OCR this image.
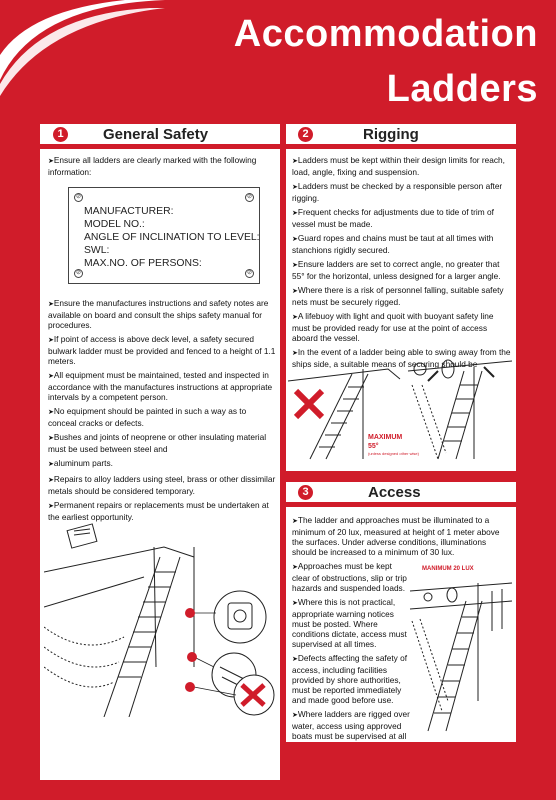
Accommodation
Ladders
1	General Safety

➤ Ensure all ladders are clearly marked with the following information:

⊘	⊘
⊘	⊘
MANUFACTURER:
MODEL NO.:
ANGLE OF INCLINATION TO LEVEL:
SWL:
MAX.NO. OF PERSONS:

➤ Ensure the manufactures instructions and safety notes are available on board and consult the ships safety manual for procedures.

➤ If point of access is above deck level, a safety secured bulwark ladder must be provided and fenced to a height of 1.1 meters.

➤ All equipment must be maintained, tested and inspected in accordance with the manufactures instructions at appropriate intervals by a competent person.

➤ No equipment should be painted in such a way as to conceal cracks or defects.

➤ Bushes and joints of neoprene or other insulating material must be used between steel and

➤ aluminum parts.

➤ Repairs to alloy ladders using steel, brass or other dissimilar metals should be considered temporary.

➤ Permanent repairs or replacements must be undertaken at the earliest opportunity.

2	Rigging

➤ Ladders must be kept within their design limits for reach, load, angle, fixing and suspension.

➤ Ladders must be checked by a responsible person after rigging.

➤ Frequent checks for adjustments due to tide of trim of vessel must be made.

➤ Guard ropes and chains must be taut at all times with stanchions rigidly secured.

➤ Ensure ladders are set to correct angle, no greater that 55° for the horizontal, unless designed for a larger angle.

➤ Where there is a risk of personnel falling, suitable safety nets must be securely rigged.

➤ A lifebuoy with light and quoit with buoyant safety line must be provided ready for use at the point of access aboard the vessel.

➤ In the event of a ladder being able to swing away from the ships side, a suitable means of securing should be

MAXIMUM
55°
(unless designed other wise)
3	Access

➤ The ladder and approaches must be illuminated to a minimum of 20 lux, measured at height of 1 meter above the surfaces. Under adverse conditions, illuminations should be increased to a minimum of 30 lux.

➤ Approaches must be kept clear of obstructions, slip or trip hazards and suspended loads.

➤ Where this is not practical, appropriate warning notices must be posted. Where conditions dictate, access must supervised at all times.

➤ Defects affecting the safety of access, including facilities provided by shore authorities, must be reported immediately and made good before use.

➤ Where ladders are rigged over water, access using approved boats must be supervised at all

MANIMUM 20 LUX
